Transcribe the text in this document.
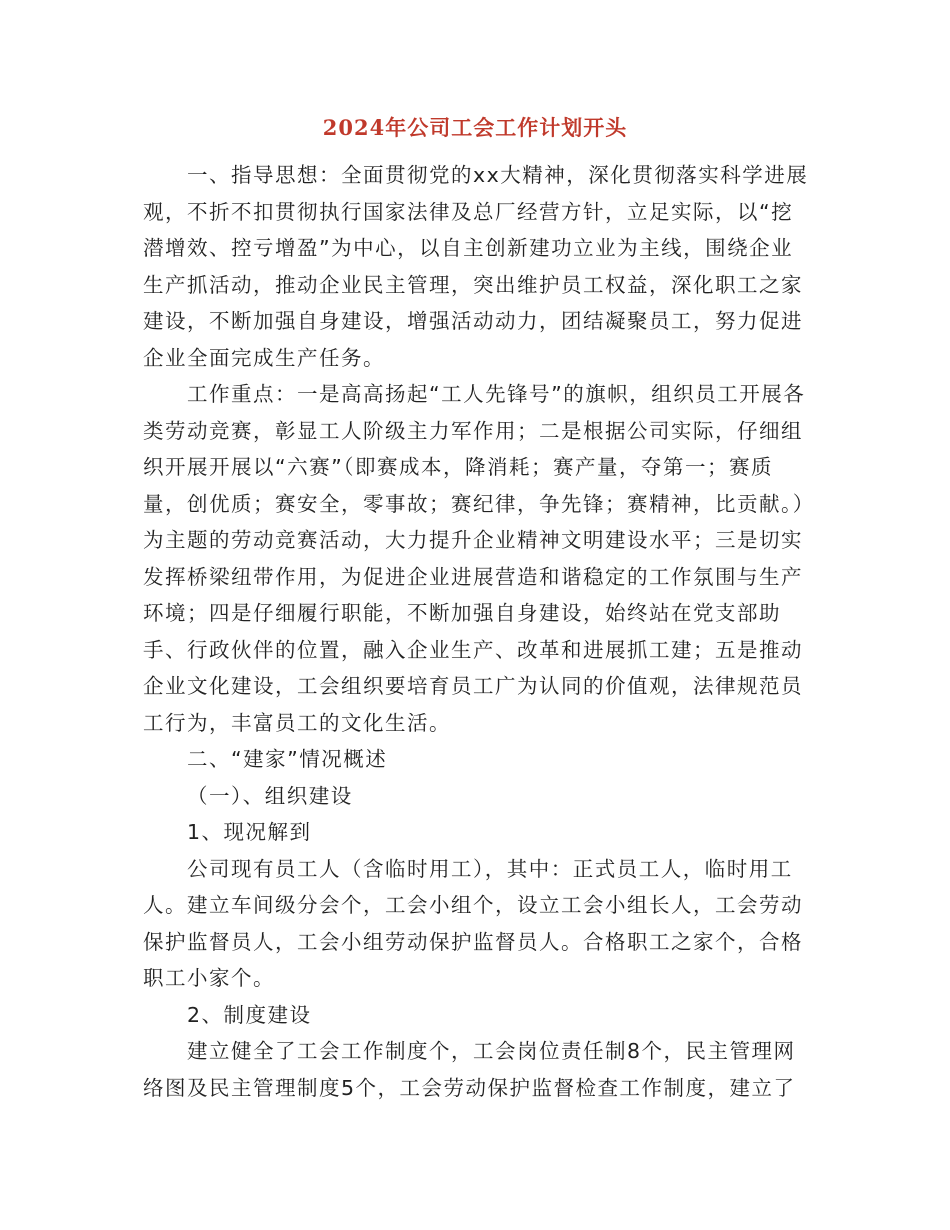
2024年公司工会工作计划开头

一、指导思想：全面贯彻党的xx大精神，深化贯彻落实科学进展观，不折不扣贯彻执行国家法律及总厂经营方针，立足实际，以“挖潜增效、控亏增盈”为中心，以自主创新建功立业为主线，围绕企业生产抓活动，推动企业民主管理，突出维护员工权益，深化职工之家建设，不断加强自身建设，增强活动动力，团结凝聚员工，努力促进企业全面完成生产任务。

工作重点：一是高高扬起“工人先锋号”的旗帜，组织员工开展各类劳动竞赛，彰显工人阶级主力军作用；二是根据公司实际，仔细组织开展开展以“六赛”（即赛成本，降消耗；赛产量，夺第一；赛质量，创优质；赛安全，零事故；赛纪律，争先锋；赛精神，比贡献。）为主题的劳动竞赛活动，大力提升企业精神文明建设水平；三是切实发挥桥梁纽带作用，为促进企业进展营造和谐稳定的工作氛围与生产环境；四是仔细履行职能，不断加强自身建设，始终站在党支部助手、行政伙伴的位置，融入企业生产、改革和进展抓工建；五是推动企业文化建设，工会组织要培育员工广为认同的价值观，法律规范员工行为，丰富员工的文化生活。

二、“建家”情况概述

（一）、组织建设

1、现况解到

公司现有员工人（含临时用工），其中：正式员工人，临时用工人。建立车间级分会个，工会小组个，设立工会小组长人，工会劳动保护监督员人，工会小组劳动保护监督员人。合格职工之家个，合格职工小家个。

2、制度建设

建立健全了工会工作制度个，工会岗位责任制8个，民主管理网络图及民主管理制度5个，工会劳动保护监督检查工作制度，建立了
